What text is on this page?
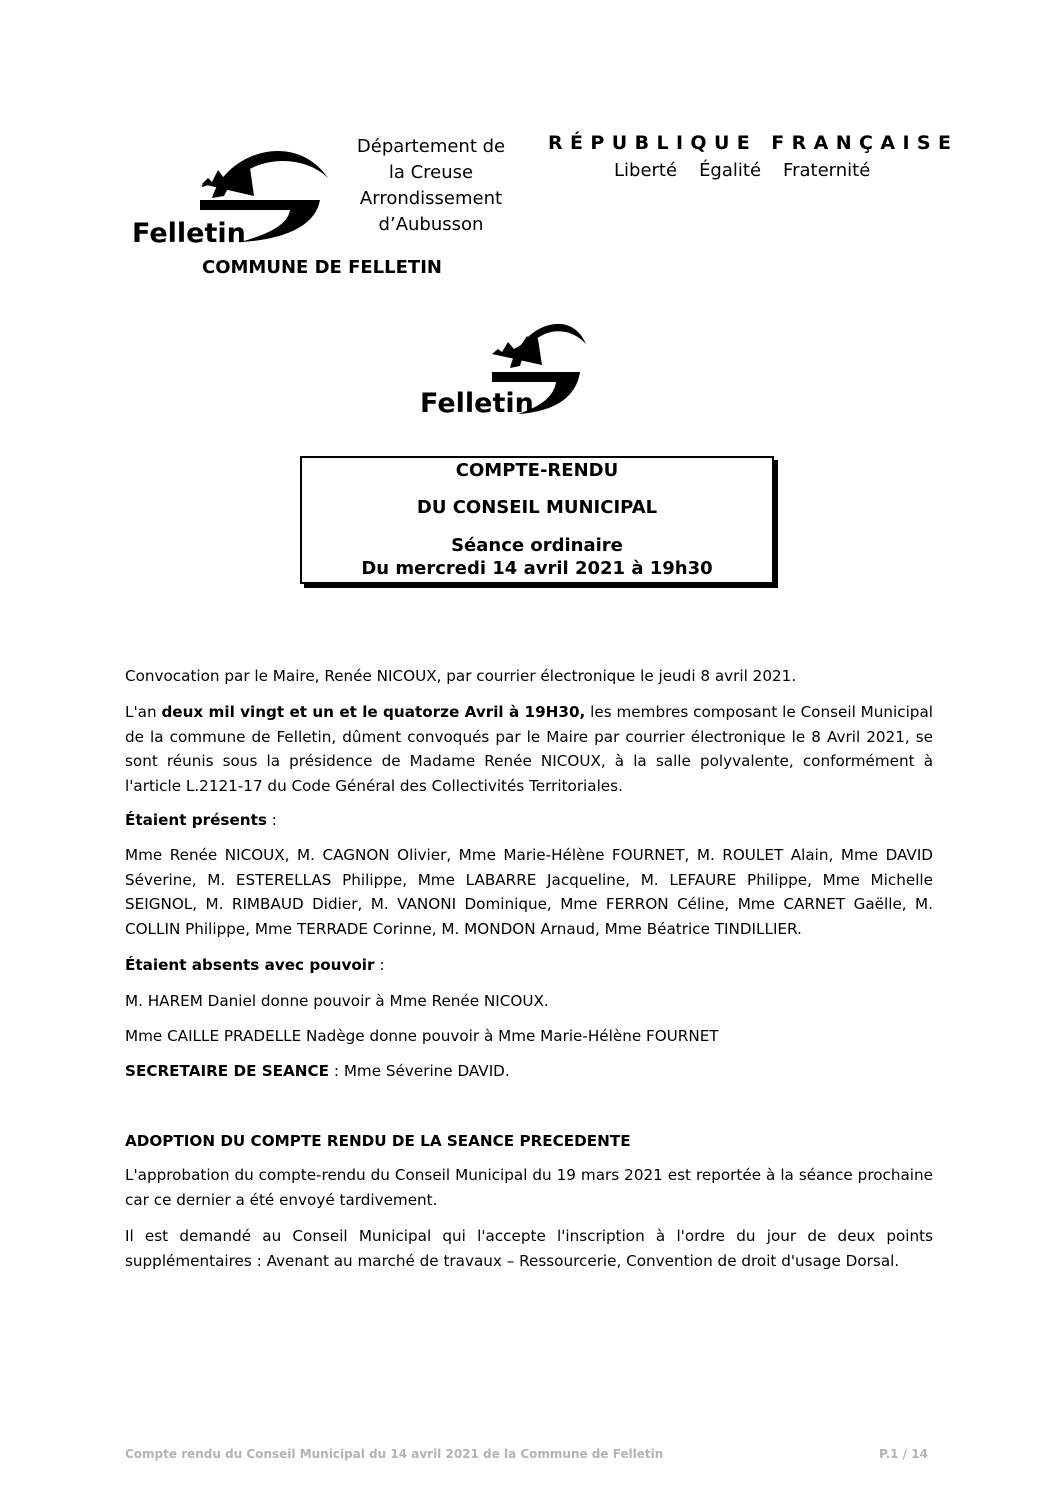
Felletin
Département de
la Creuse
Arrondissement
d’Aubusson
RÉPUBLIQUE FRANÇAISE
Liberté Égalité Fraternité
COMMUNE DE FELLETIN
Felletin
COMPTE-RENDU
DU CONSEIL MUNICIPAL
Séance ordinaire
Du mercredi 14 avril 2021 à 19h30
Convocation par le Maire, Renée NICOUX, par courrier électronique le jeudi 8 avril 2021.
L'an deux mil vingt et un et le quatorze Avril à 19H30, les membres composant le Conseil Municipal de la commune de Felletin, dûment convoqués par le Maire par courrier électronique le 8 Avril 2021, se sont réunis sous la présidence de Madame Renée NICOUX, à la salle polyvalente, conformément à l'article L.2121-17 du Code Général des Collectivités Territoriales.
Étaient présents :
Mme Renée NICOUX, M. CAGNON Olivier, Mme Marie-Hélène FOURNET, M. ROULET Alain, Mme DAVID Séverine, M. ESTERELLAS Philippe, Mme LABARRE Jacqueline, M. LEFAURE Philippe, Mme Michelle SEIGNOL, M. RIMBAUD Didier, M. VANONI Dominique, Mme FERRON Céline, Mme CARNET Gaëlle, M. COLLIN Philippe, Mme TERRADE Corinne, M. MONDON Arnaud, Mme Béatrice TINDILLIER.
Étaient absents avec pouvoir :
M. HAREM Daniel donne pouvoir à Mme Renée NICOUX.
Mme CAILLE PRADELLE Nadège donne pouvoir à Mme Marie-Hélène FOURNET
SECRETAIRE DE SEANCE : Mme Séverine DAVID.
ADOPTION DU COMPTE RENDU DE LA SEANCE PRECEDENTE
L'approbation du compte-rendu du Conseil Municipal du 19 mars 2021 est reportée à la séance prochaine car ce dernier a été envoyé tardivement.
Il est demandé au Conseil Municipal qui l'accepte l'inscription à l'ordre du jour de deux points supplémentaires : Avenant au marché de travaux – Ressourcerie, Convention de droit d'usage Dorsal.
Compte rendu du Conseil Municipal du 14 avril 2021 de la Commune de Felletin	P.1 / 14
